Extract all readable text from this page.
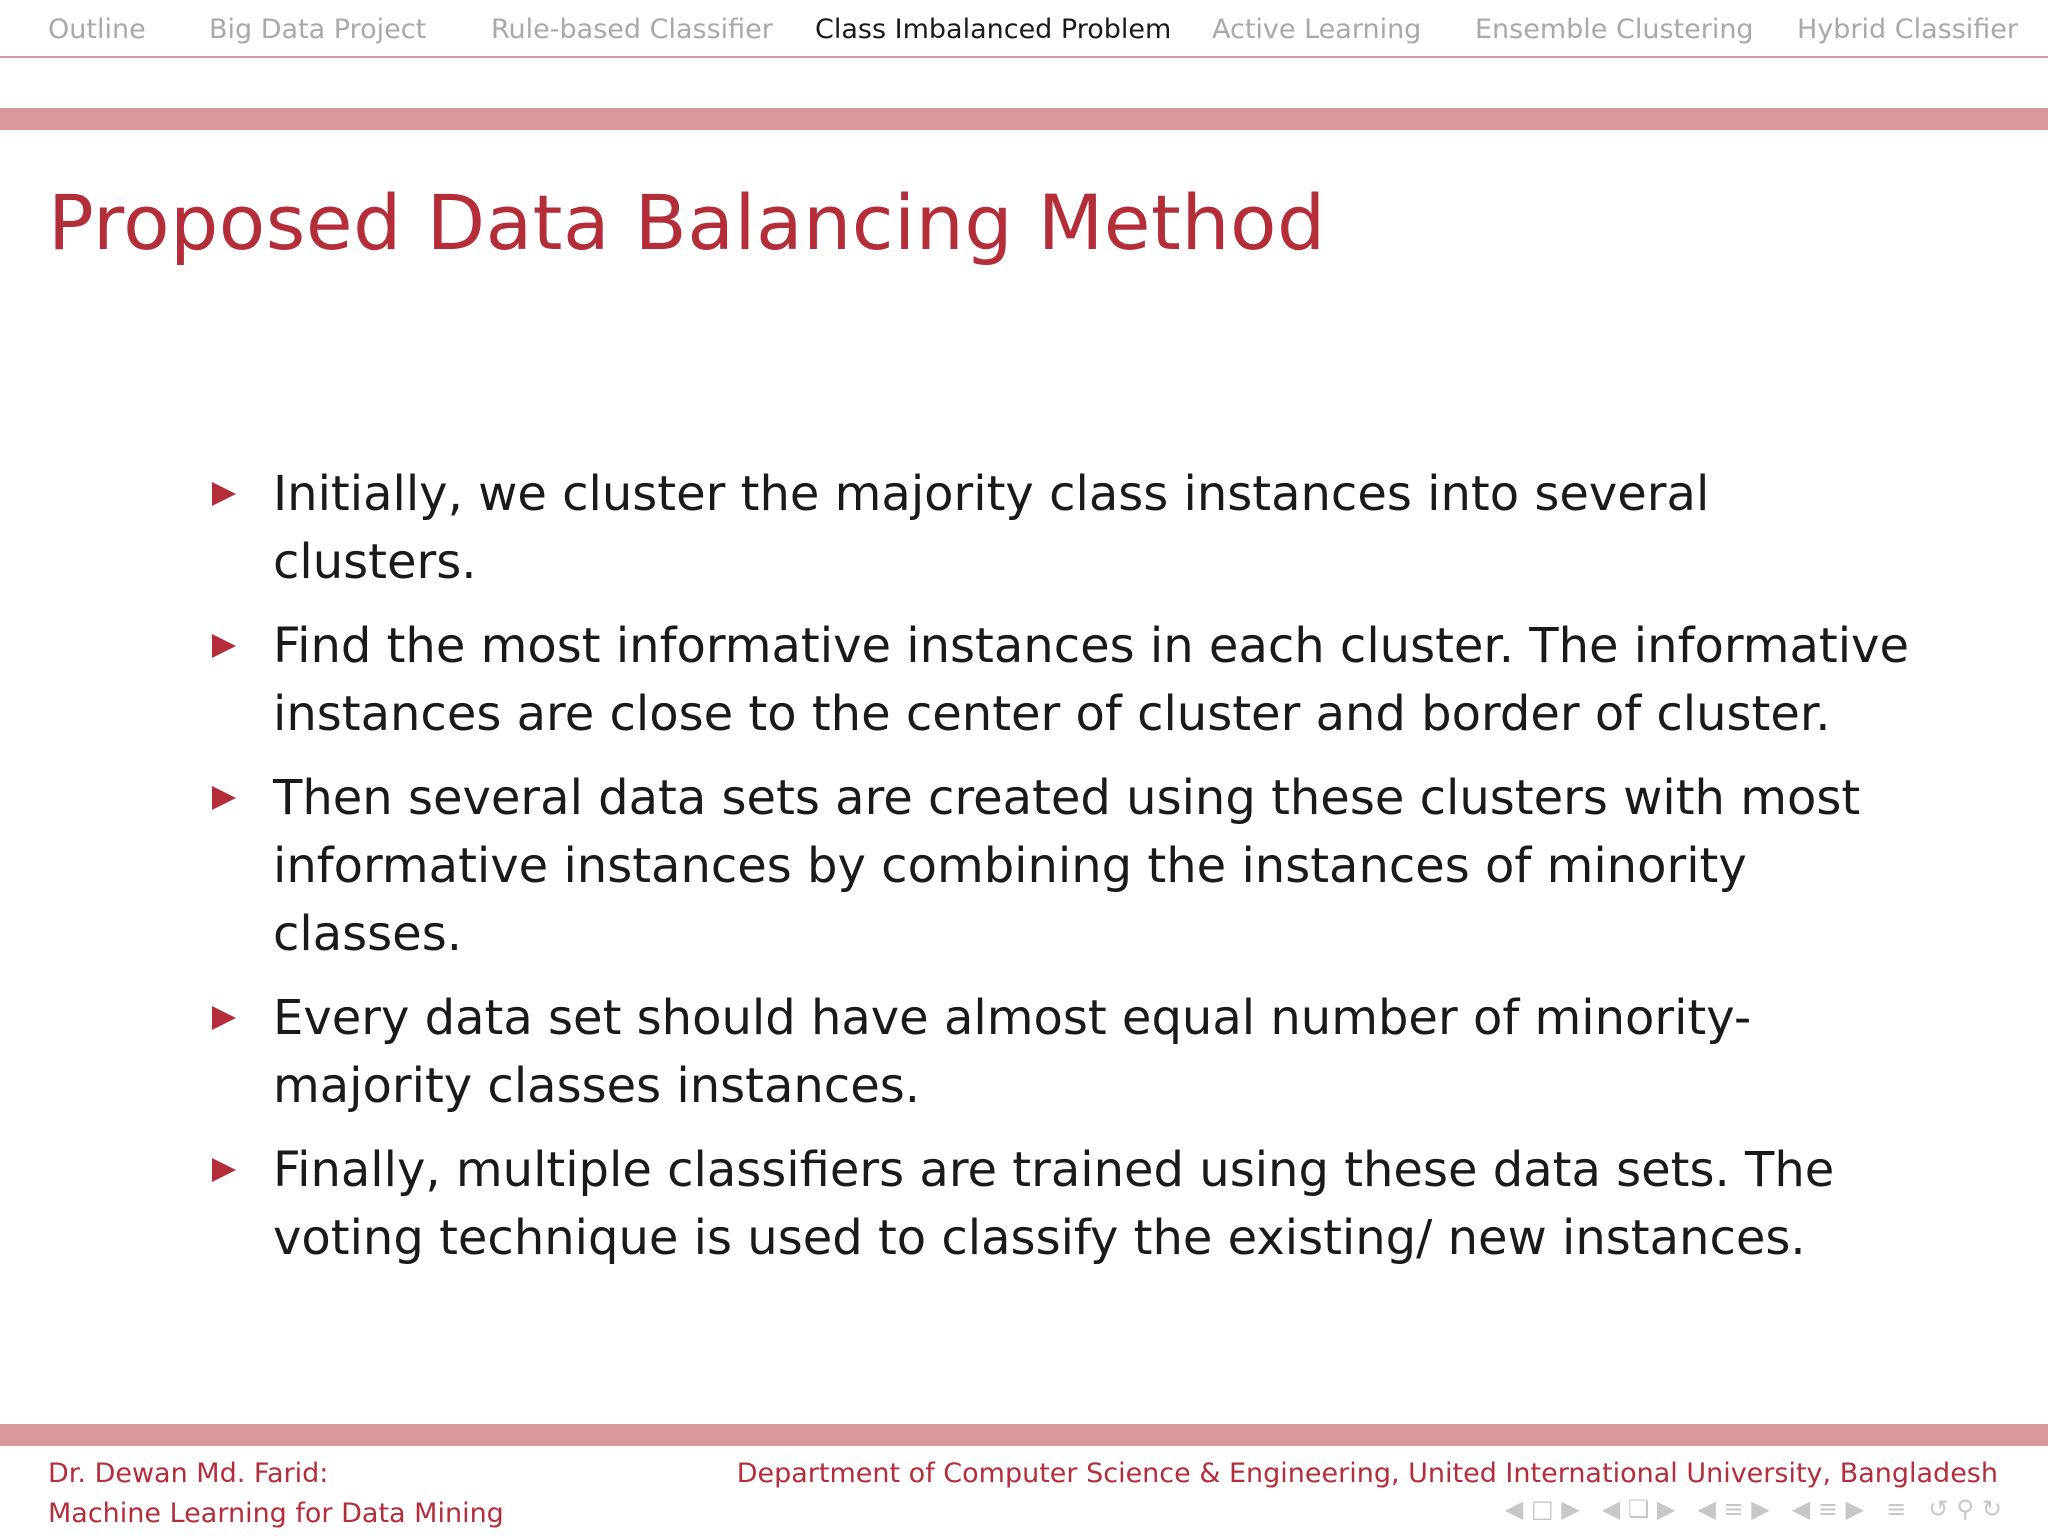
Outline Big Data Project Rule-based Classifier Class Imbalanced Problem Active Learning Ensemble Clustering Hybrid Classifier
Proposed Data Balancing Method
Initially, we cluster the majority class instances into several clusters.
Find the most informative instances in each cluster. The informative instances are close to the center of cluster and border of cluster.
Then several data sets are created using these clusters with most informative instances by combining the instances of minority classes.
Every data set should have almost equal number of minority-majority classes instances.
Finally, multiple classifiers are trained using these data sets. The voting technique is used to classify the existing/ new instances.
Dr. Dewan Md. Farid:
Machine Learning for Data Mining
Department of Computer Science & Engineering, United International University, Bangladesh
◀ □ ▶ ◀ ❏ ▶ ◀ ≡ ▶ ◀ ≡ ▶ ≡ ↺ ⚲ ↻
